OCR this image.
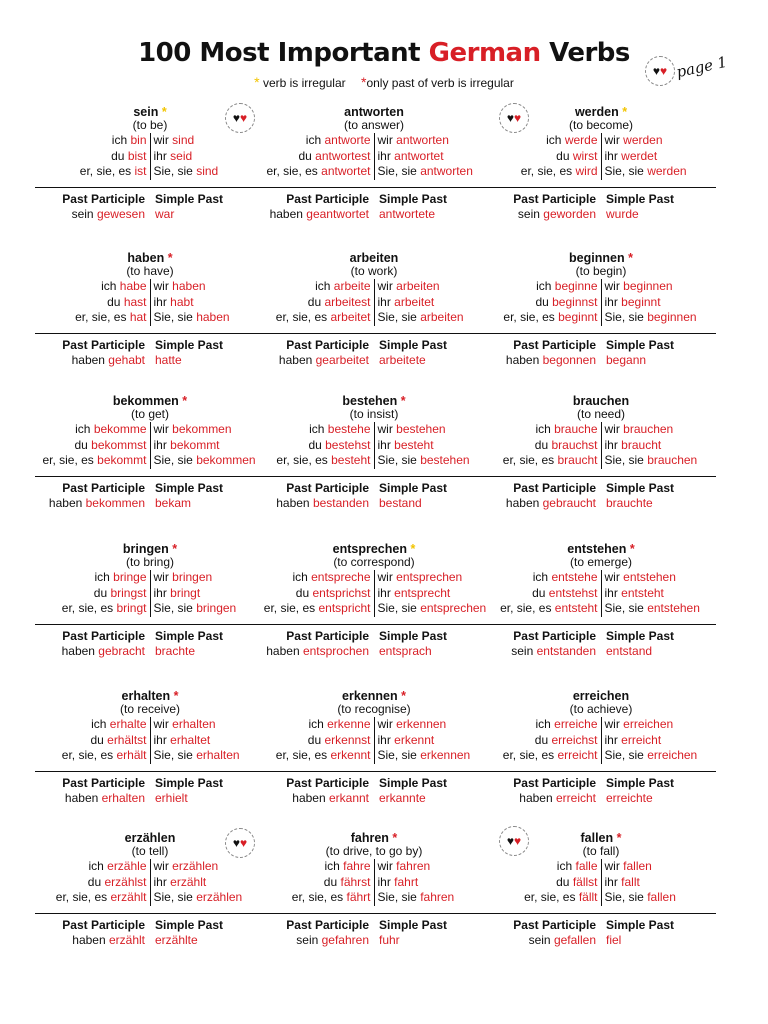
100 Most Important German Verbs
* verb is irregular *only past of verb is irregular
♥♥ page 1
♥♥	♥♥
♥♥	♥♥
sein *
(to be)
ich bin
du bist
er, sie, es ist
wir sind
ihr seid
Sie, sie sind
Past Participle
sein gewesen
Simple Past
war
antworten
(to answer)
ich antworte
du antwortest
er, sie, es antwortet
wir antworten
ihr antwortet
Sie, sie antworten
Past Participle
haben geantwortet
Simple Past
antwortete
werden *
(to become)
ich werde
du wirst
er, sie, es wird
wir werden
ihr werdet
Sie, sie werden
Past Participle
sein geworden
Simple Past
wurde
haben *
(to have)
ich habe
du hast
er, sie, es hat
wir haben
ihr habt
Sie, sie haben
Past Participle
haben gehabt
Simple Past
hatte
arbeiten
(to work)
ich arbeite
du arbeitest
er, sie, es arbeitet
wir arbeiten
ihr arbeitet
Sie, sie arbeiten
Past Participle
haben gearbeitet
Simple Past
arbeitete
beginnen *
(to begin)
ich beginne
du beginnst
er, sie, es beginnt
wir beginnen
ihr beginnt
Sie, sie beginnen
Past Participle
haben begonnen
Simple Past
begann
bekommen *
(to get)
ich bekomme
du bekommst
er, sie, es bekommt
wir bekommen
ihr bekommt
Sie, sie bekommen
Past Participle
haben bekommen
Simple Past
bekam
bestehen *
(to insist)
ich bestehe
du bestehst
er, sie, es besteht
wir bestehen
ihr besteht
Sie, sie bestehen
Past Participle
haben bestanden
Simple Past
bestand
brauchen
(to need)
ich brauche
du brauchst
er, sie, es braucht
wir brauchen
ihr braucht
Sie, sie brauchen
Past Participle
haben gebraucht
Simple Past
brauchte
bringen *
(to bring)
ich bringe
du bringst
er, sie, es bringt
wir bringen
ihr bringt
Sie, sie bringen
Past Participle
haben gebracht
Simple Past
brachte
entsprechen *
(to correspond)
ich entspreche
du entsprichst
er, sie, es entspricht
wir entsprechen
ihr entsprecht
Sie, sie entsprechen
Past Participle
haben entsprochen
Simple Past
entsprach
entstehen *
(to emerge)
ich entstehe
du entstehst
er, sie, es entsteht
wir entstehen
ihr entsteht
Sie, sie entstehen
Past Participle
sein entstanden
Simple Past
entstand
erhalten *
(to receive)
ich erhalte
du erhältst
er, sie, es erhält
wir erhalten
ihr erhaltet
Sie, sie erhalten
Past Participle
haben erhalten
Simple Past
erhielt
erkennen *
(to recognise)
ich erkenne
du erkennst
er, sie, es erkennt
wir erkennen
ihr erkennt
Sie, sie erkennen
Past Participle
haben erkannt
Simple Past
erkannte
erreichen
(to achieve)
ich erreiche
du erreichst
er, sie, es erreicht
wir erreichen
ihr erreicht
Sie, sie erreichen
Past Participle
haben erreicht
Simple Past
erreichte
erzählen
(to tell)
ich erzähle
du erzählst
er, sie, es erzählt
wir erzählen
ihr erzählt
Sie, sie erzählen
Past Participle
haben erzählt
Simple Past
erzählte
fahren *
(to drive, to go by)
ich fahre
du fährst
er, sie, es fährt
wir fahren
ihr fahrt
Sie, sie fahren
Past Participle
sein gefahren
Simple Past
fuhr
fallen *
(to fall)
ich falle
du fällst
er, sie, es fällt
wir fallen
ihr fallt
Sie, sie fallen
Past Participle
sein gefallen
Simple Past
fiel
